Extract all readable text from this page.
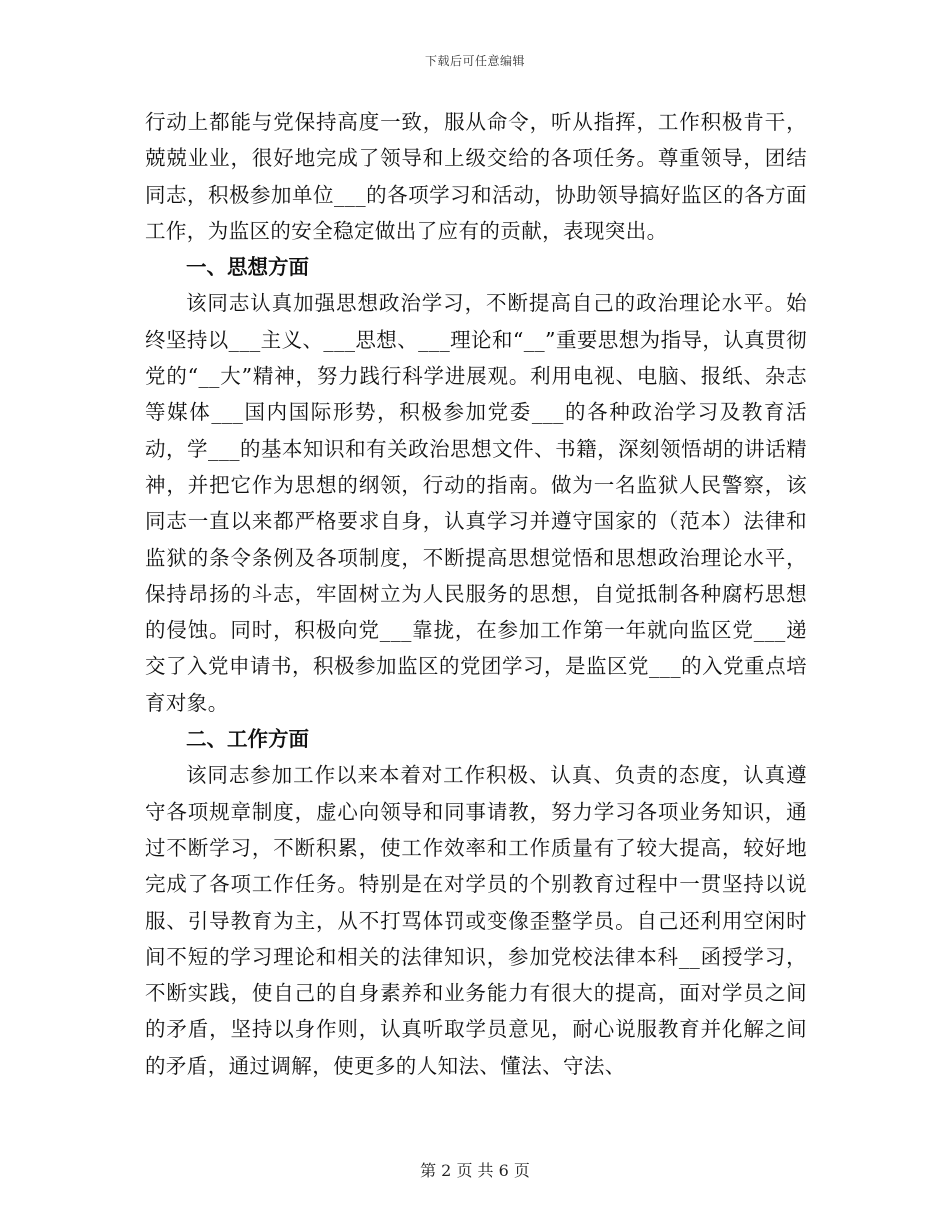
下载后可任意编辑

行动上都能与党保持高度一致，服从命令，听从指挥，工作积极肯干，兢兢业业，很好地完成了领导和上级交给的各项任务。尊重领导，团结同志，积极参加单位___的各项学习和活动，协助领导搞好监区的各方面工作，为监区的安全稳定做出了应有的贡献，表现突出。

一、思想方面

该同志认真加强思想政治学习，不断提高自己的政治理论水平。始终坚持以___主义、___思想、___理论和“__”重要思想为指导，认真贯彻党的“__大”精神，努力践行科学进展观。利用电视、电脑、报纸、杂志等媒体___国内国际形势，积极参加党委___的各种政治学习及教育活动，学___的基本知识和有关政治思想文件、书籍，深刻领悟胡的讲话精神，并把它作为思想的纲领，行动的指南。做为一名监狱人民警察，该同志一直以来都严格要求自身，认真学习并遵守国家的（范本）法律和监狱的条令条例及各项制度，不断提高思想觉悟和思想政治理论水平，保持昂扬的斗志，牢固树立为人民服务的思想，自觉抵制各种腐朽思想的侵蚀。同时，积极向党___靠拢，在参加工作第一年就向监区党___递交了入党申请书，积极参加监区的党团学习，是监区党___的入党重点培育对象。

二、工作方面

该同志参加工作以来本着对工作积极、认真、负责的态度，认真遵守各项规章制度，虚心向领导和同事请教，努力学习各项业务知识，通过不断学习，不断积累，使工作效率和工作质量有了较大提高，较好地完成了各项工作任务。特别是在对学员的个别教育过程中一贯坚持以说服、引导教育为主，从不打骂体罚或变像歪整学员。自己还利用空闲时间不短的学习理论和相关的法律知识，参加党校法律本科__函授学习，不断实践，使自己的自身素养和业务能力有很大的提高，面对学员之间的矛盾，坚持以身作则，认真听取学员意见，耐心说服教育并化解之间的矛盾，通过调解，使更多的人知法、懂法、守法、

第 2 页 共 6 页
